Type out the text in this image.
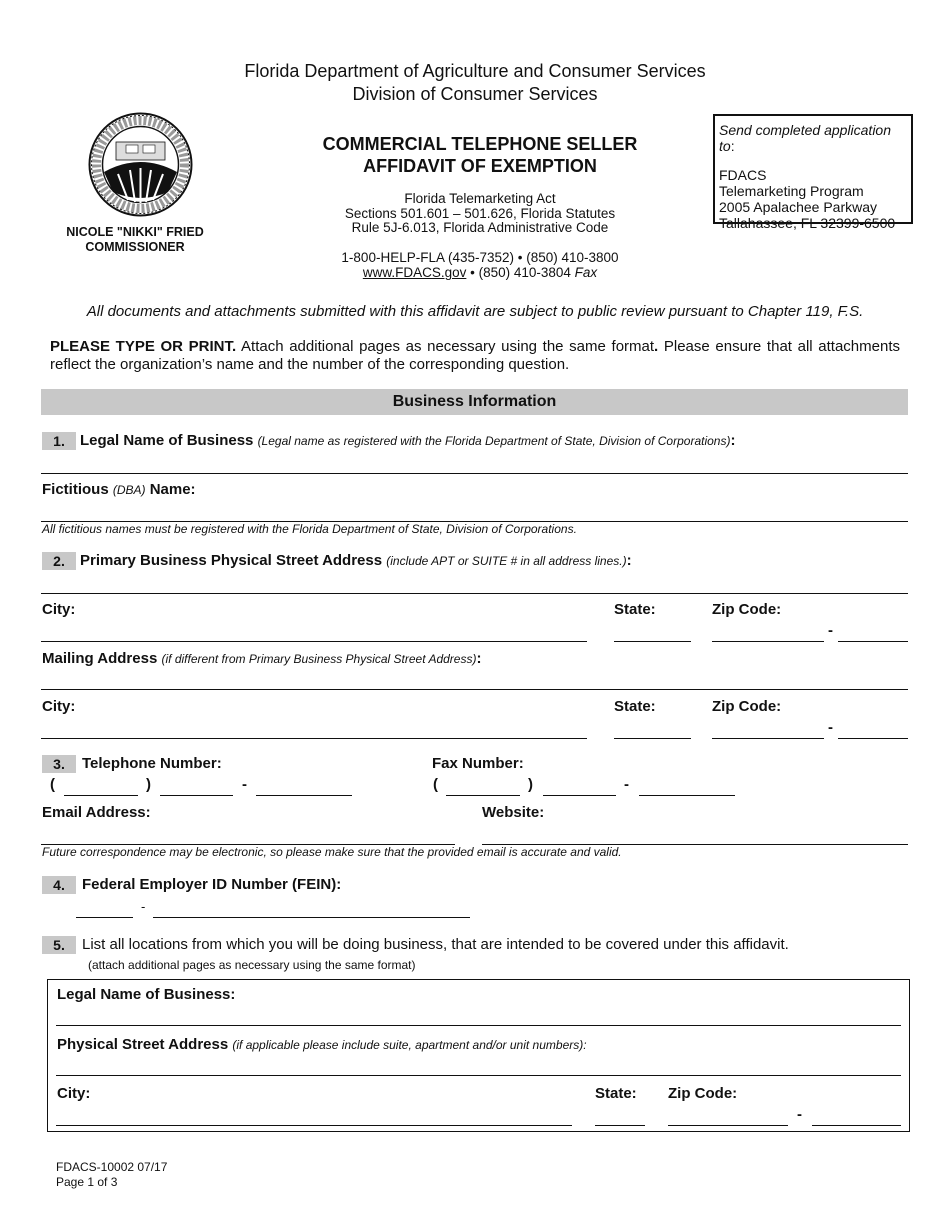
Florida Department of Agriculture and Consumer Services
Division of Consumer Services
NICOLE "NIKKI" FRIED
COMMISSIONER
COMMERCIAL TELEPHONE SELLER
AFFIDAVIT OF EXEMPTION
Florida Telemarketing Act
Sections 501.601 – 501.626, Florida Statutes
Rule 5J-6.013, Florida Administrative Code
1-800-HELP-FLA (435-7352) • (850) 410-3800
www.FDACS.gov • (850) 410-3804 Fax
Send completed application to:
FDACS
Telemarketing Program
2005 Apalachee Parkway
Tallahassee, FL 32399-6500
All documents and attachments submitted with this affidavit are subject to public review pursuant to Chapter 119, F.S.
PLEASE TYPE OR PRINT. Attach additional pages as necessary using the same format. Please ensure that all attachments reflect the organization’s name and the number of the corresponding question.
Business Information
1.	Legal Name of Business (Legal name as registered with the Florida Department of State, Division of Corporations):
Fictitious (DBA) Name:
All fictitious names must be registered with the Florida Department of State, Division of Corporations.
2.	Primary Business Physical Street Address (include APT or SUITE # in all address lines.):
City:	State:	Zip Code:
-
Mailing Address (if different from Primary Business Physical Street Address):
City:	State:	Zip Code:
-
3.	Telephone Number:	Fax Number:
(	)	-	(	)	-
Email Address:	Website:
Future correspondence may be electronic, so please make sure that the provided email is accurate and valid.
4.	Federal Employer ID Number (FEIN):
-
5.	List all locations from which you will be doing business, that are intended to be covered under this affidavit.
(attach additional pages as necessary using the same format)
Legal Name of Business:
Physical Street Address (if applicable please include suite, apartment and/or unit numbers):
City:	State: Zip Code:
-
FDACS-10002 07/17
Page 1 of 3
